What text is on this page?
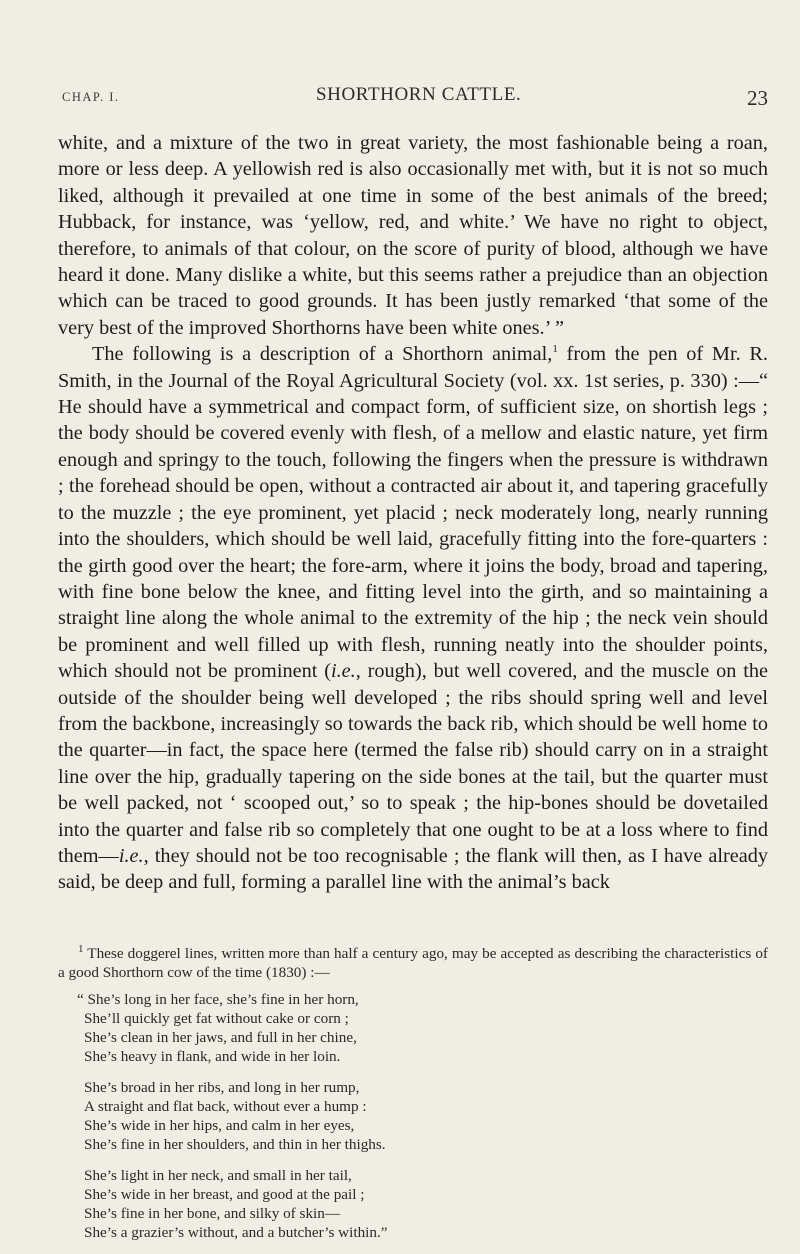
CHAP. I.	SHORTHORN CATTLE.	23

white, and a mixture of the two in great variety, the most fashionable being a roan, more or less deep. A yellowish red is also occasionally met with, but it is not so much liked, although it prevailed at one time in some of the best animals of the breed; Hubback, for instance, was ‘yellow, red, and white.’ We have no right to object, therefore, to animals of that colour, on the score of purity of blood, although we have heard it done. Many dislike a white, but this seems rather a prejudice than an objection which can be traced to good grounds. It has been justly remarked ‘that some of the very best of the improved Shorthorns have been white ones.’ ”

The following is a description of a Shorthorn animal,$^1$ from the pen of Mr. R. Smith, in the Journal of the Royal Agricultural Society (vol. xx. 1st series, p. 330) :—“ He should have a symmetrical and compact form, of sufficient size, on shortish legs ; the body should be covered evenly with flesh, of a mellow and elastic nature, yet firm enough and springy to the touch, following the fingers when the pressure is withdrawn ; the forehead should be open, without a contracted air about it, and tapering gracefully to the muzzle ; the eye prominent, yet placid ; neck moderately long, nearly running into the shoulders, which should be well laid, gracefully fitting into the fore-quarters : the girth good over the heart; the fore-arm, where it joins the body, broad and tapering, with fine bone below the knee, and fitting level into the girth, and so maintaining a straight line along the whole animal to the extremity of the hip ; the neck vein should be prominent and well filled up with flesh, running neatly into the shoulder points, which should not be prominent (i.e., rough), but well covered, and the muscle on the outside of the shoulder being well developed ; the ribs should spring well and level from the backbone, increasingly so towards the back rib, which should be well home to the quarter—in fact, the space here (termed the false rib) should carry on in a straight line over the hip, gradually tapering on the side bones at the tail, but the quarter must be well packed, not ‘ scooped out,’ so to speak ; the hip-bones should be dovetailed into the quarter and false rib so completely that one ought to be at a loss where to find them—i.e., they should not be too recognisable ; the flank will then, as I have already said, be deep and full, forming a parallel line with the animal’s back

$^1$ These doggerel lines, written more than half a century ago, may be accepted as describing the characteristics of a good Shorthorn cow of the time (1830) :—

“ She’s long in her face, she’s fine in her horn,
She’ll quickly get fat without cake or corn ;
She’s clean in her jaws, and full in her chine,
She’s heavy in flank, and wide in her loin.
She’s broad in her ribs, and long in her rump,
A straight and flat back, without ever a hump :
She’s wide in her hips, and calm in her eyes,
She’s fine in her shoulders, and thin in her thighs.
She’s light in her neck, and small in her tail,
She’s wide in her breast, and good at the pail ;
She’s fine in her bone, and silky of skin—
She’s a grazier’s without, and a butcher’s within.”
